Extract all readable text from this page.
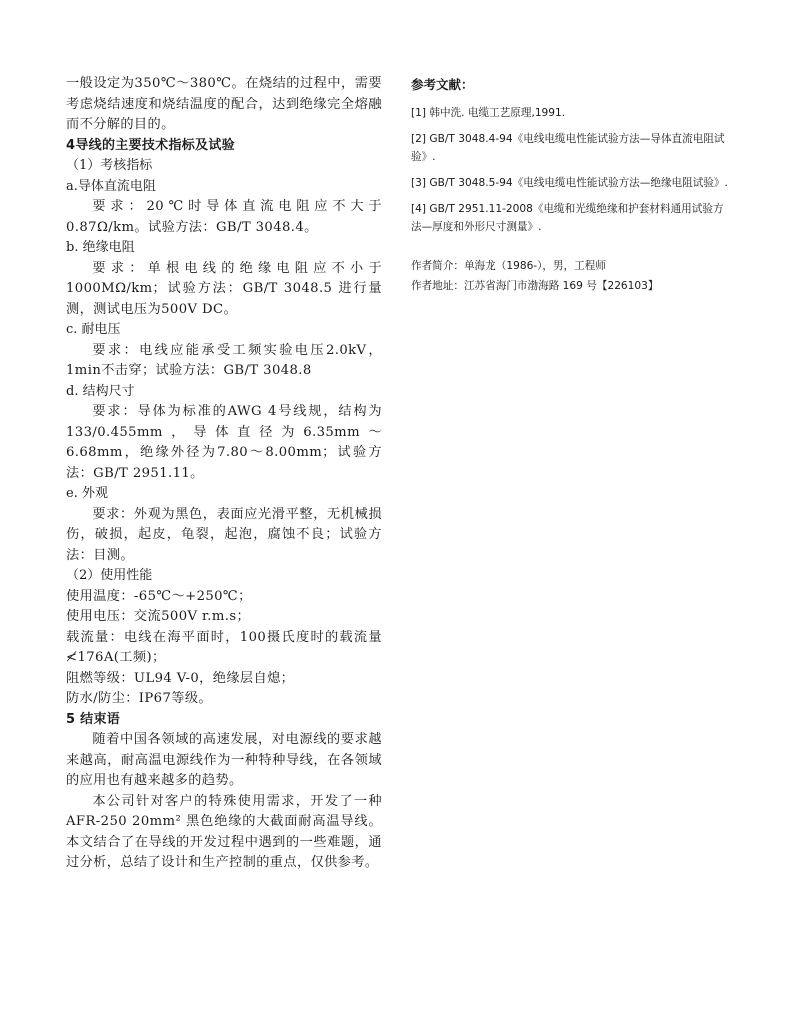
一般设定为350℃～380℃。在烧结的过程中，需要考虑烧结速度和烧结温度的配合，达到绝缘完全熔融而不分解的目的。

4导线的主要技术指标及试验

（1）考核指标

a.导体直流电阻

要求：20℃时导体直流电阻应不大于0.87Ω/km。试验方法：GB/T 3048.4。

b. 绝缘电阻

要求：单根电线的绝缘电阻应不小于1000MΩ/km；试验方法：GB/T 3048.5 进行量测，测试电压为500V DC。

c. 耐电压

要求：电线应能承受工频实验电压2.0kV，1min不击穿；试验方法：GB/T 3048.8

d. 结构尺寸

要求：导体为标准的AWG 4号线规，结构为133/0.455mm，导体直径为6.35mm～6.68mm，绝缘外径为7.80～8.00mm；试验方法：GB/T 2951.11。

e. 外观

要求：外观为黑色，表面应光滑平整，无机械损伤，破损，起皮，龟裂，起泡，腐蚀不良；试验方法：目测。

（2）使用性能

使用温度：-65℃～+250℃；

使用电压：交流500V r.m.s；

载流量：电线在海平面时，100摄氏度时的载流量≮176A(工频)；

阻燃等级：UL94 V-0，绝缘层自熄；

防水/防尘：IP67等级。

5 结束语

随着中国各领域的高速发展，对电源线的要求越来越高，耐高温电源线作为一种特种导线，在各领域的应用也有越来越多的趋势。

本公司针对客户的特殊使用需求，开发了一种AFR-250 20mm² 黑色绝缘的大截面耐高温导线。本文结合了在导线的开发过程中遇到的一些难题，通过分析，总结了设计和生产控制的重点，仅供参考。

参考文献：

[1] 韩中洗. 电缆工艺原理,1991.

[2] GB/T 3048.4-94《电线电缆电性能试验方法—导体直流电阻试验》.

[3] GB/T 3048.5-94《电线电缆电性能试验方法—绝缘电阻试验》.

[4] GB/T 2951.11-2008《电缆和光缆绝缘和护套材料通用试验方法—厚度和外形尺寸测量》.

作者简介：单海龙（1986-），男，工程师

作者地址：江苏省海门市渤海路 169 号【226103】
